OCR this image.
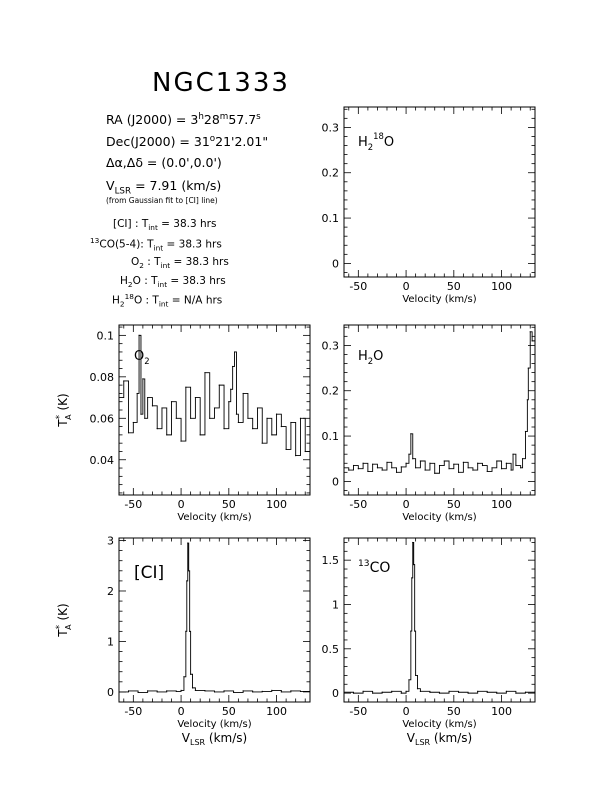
NGC1333
RA $(J2000) = 3^h28^m57.7^s$
$Dec(J2000) = 31^o21'2.01$"
Δα,Δδ = (0.0',0.0')
$V_{LSR} = 7.91$ (km/s)
(from Gaussian fit to [CI] line)
[CI] : $T_{int} = 38.3$ hrs
$^{13}$CO(5-4): $T_{int} = 38.3$ hrs
$O_2$ : $T_{int} = 38.3$ hrs
$H_2O$ : $T_{int} = 38.3$ hrs
$H_2^{18}O$ : $T_{int} = N/A$ hrs
-50	0	50	100
0
0.1
0.2
0.3
Velocity (km/s)
$H_2^{18}O$
-50	0	50	100
0.04
0.06
0.08
0.1
Velocity (km/s)
T*A (K)
$O_2$
-50	0	50	100
0
0.1
0.2
0.3
Velocity (km/s)
$H_2O$
-50	0	50	100
0
1
2
3
Velocity (km/s)
$V_{LSR}$ (km/s)
T*A (K)
[CI]
-50	0	50	100
0
0.5
1
1.5
Velocity (km/s)
$V_{LSR}$ (km/s)
$^{13}$CO
